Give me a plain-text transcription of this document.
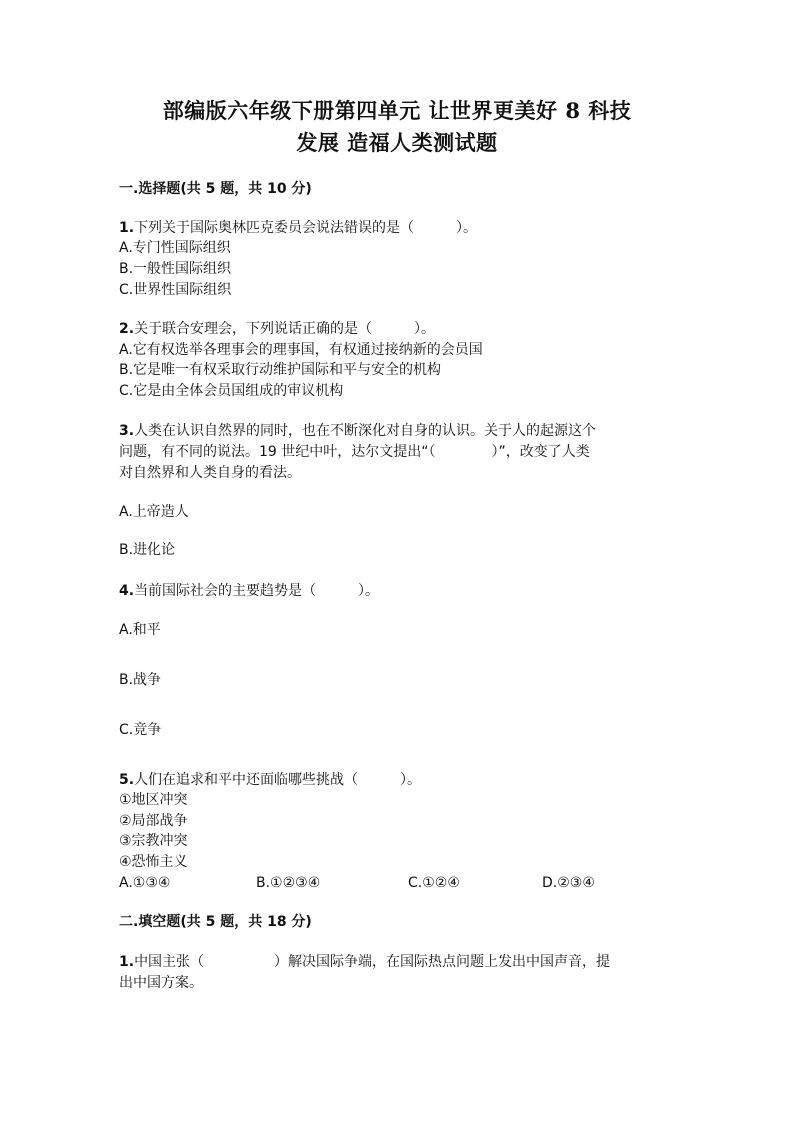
部编版六年级下册第四单元 让世界更美好 8 科技
发展 造福人类测试题
一.选择题(共 5 题，共 10 分)
1.下列关于国际奥林匹克委员会说法错误的是（　　　）。
A.专门性国际组织
B.一般性国际组织
C.世界性国际组织
2.关于联合安理会，下列说话正确的是（　　　）。
A.它有权选举各理事会的理事国，有权通过接纳新的会员国
B.它是唯一有权采取行动维护国际和平与安全的机构
C.它是由全体会员国组成的审议机构
3.人类在认识自然界的同时，也在不断深化对自身的认识。关于人的起源这个
问题，有不同的说法。19 世纪中叶，达尔文提出“（　　　　）”，改变了人类
对自然界和人类自身的看法。
A.上帝造人
B.进化论
4.当前国际社会的主要趋势是（　　　）。
A.和平
B.战争
C.竞争
5.人们在追求和平中还面临哪些挑战（　　　）。
①地区冲突
②局部战争
③宗教冲突
④恐怖主义
A.①③④	B.①②③④	C.①②④	D.②③④
二.填空题(共 5 题，共 18 分)
1.中国主张（　　　　　）解决国际争端，在国际热点问题上发出中国声音，提
出中国方案。
